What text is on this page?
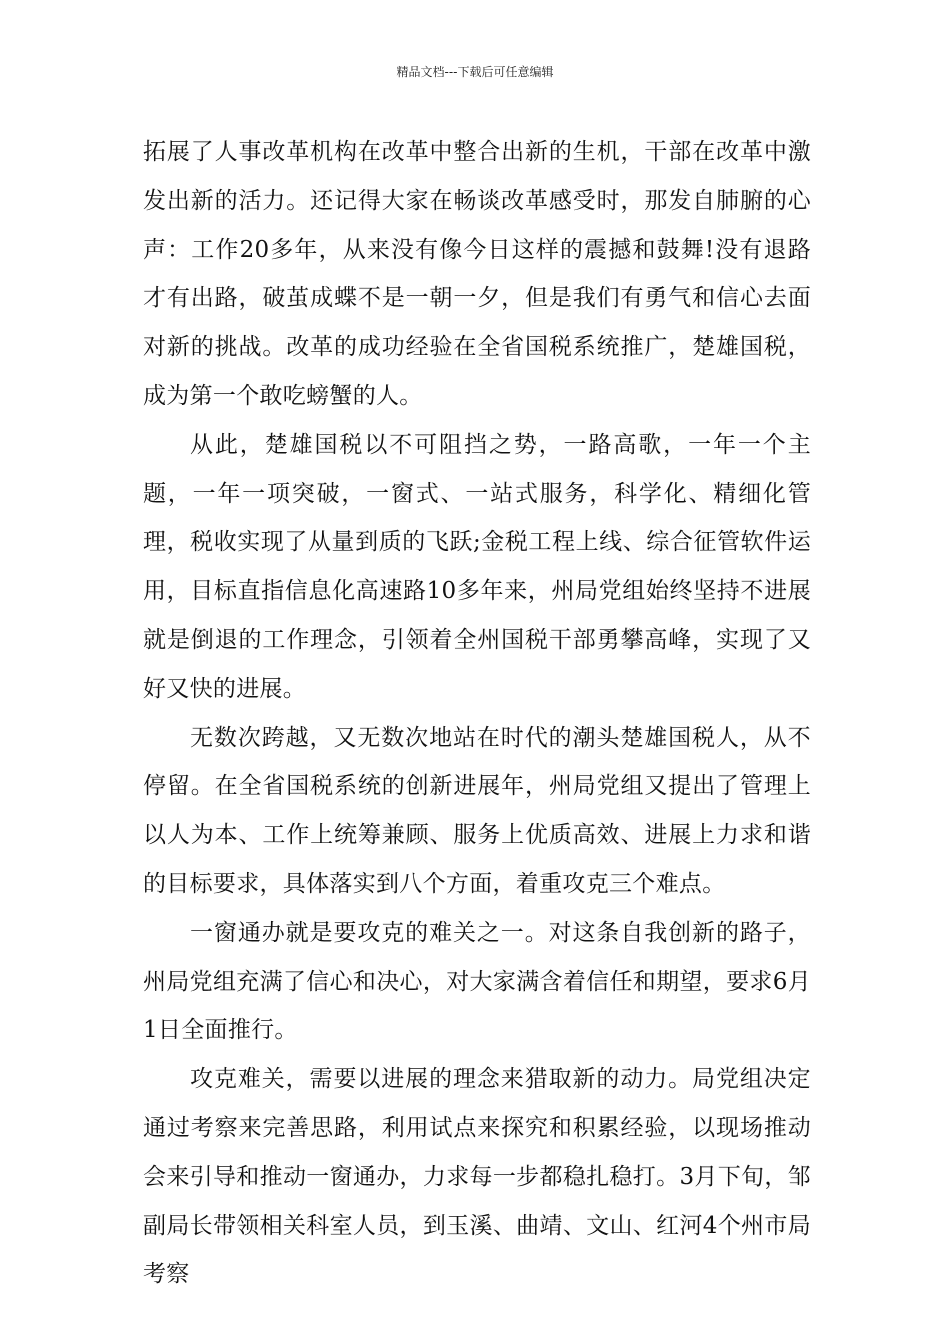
精品文档---下载后可任意编辑

拓展了人事改革机构在改革中整合出新的生机，干部在改革中激发出新的活力。还记得大家在畅谈改革感受时，那发自肺腑的心声：工作20多年，从来没有像今日这样的震撼和鼓舞!没有退路才有出路，破茧成蝶不是一朝一夕，但是我们有勇气和信心去面对新的挑战。改革的成功经验在全省国税系统推广，楚雄国税，成为第一个敢吃螃蟹的人。

从此，楚雄国税以不可阻挡之势，一路高歌，一年一个主题，一年一项突破，一窗式、一站式服务，科学化、精细化管理，税收实现了从量到质的飞跃;金税工程上线、综合征管软件运用，目标直指信息化高速路10多年来，州局党组始终坚持不进展就是倒退的工作理念，引领着全州国税干部勇攀高峰，实现了又好又快的进展。

无数次跨越，又无数次地站在时代的潮头楚雄国税人，从不停留。在全省国税系统的创新进展年，州局党组又提出了管理上以人为本、工作上统筹兼顾、服务上优质高效、进展上力求和谐的目标要求，具体落实到八个方面，着重攻克三个难点。

一窗通办就是要攻克的难关之一。对这条自我创新的路子，州局党组充满了信心和决心，对大家满含着信任和期望，要求6月1日全面推行。

攻克难关，需要以进展的理念来猎取新的动力。局党组决定通过考察来完善思路，利用试点来探究和积累经验，以现场推动会来引导和推动一窗通办，力求每一步都稳扎稳打。3月下旬，邹副局长带领相关科室人员，到玉溪、曲靖、文山、红河4个州市局考察
